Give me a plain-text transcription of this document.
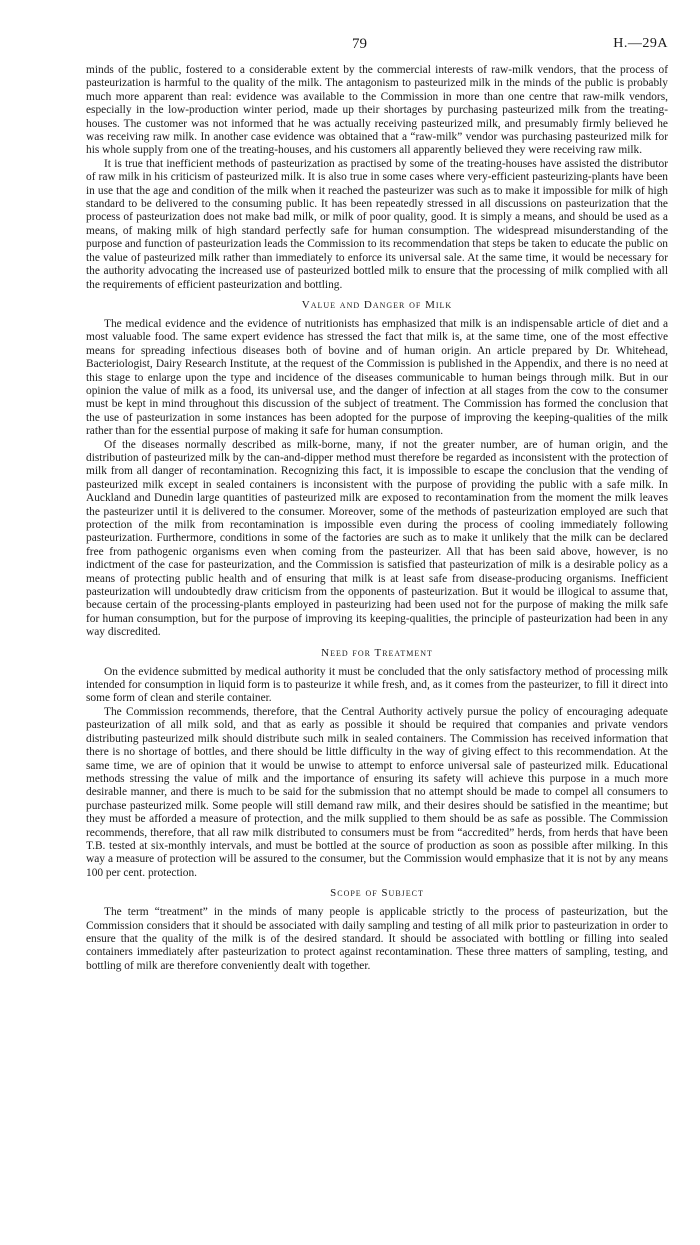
79	H.—29A

minds of the public, fostered to a considerable extent by the commercial interests of raw-milk vendors, that the process of pasteurization is harmful to the quality of the milk. The antagonism to pasteurized milk in the minds of the public is probably much more apparent than real: evidence was available to the Commission in more than one centre that raw-milk vendors, especially in the low-production winter period, made up their shortages by purchasing pasteurized milk from the treating-houses. The customer was not informed that he was actually receiving pasteurized milk, and presumably firmly believed he was receiving raw milk. In another case evidence was obtained that a “raw-milk” vendor was purchasing pasteurized milk for his whole supply from one of the treating-houses, and his customers all apparently believed they were receiving raw milk.

It is true that inefficient methods of pasteurization as practised by some of the treating-houses have assisted the distributor of raw milk in his criticism of pasteurized milk. It is also true in some cases where very-efficient pasteurizing-plants have been in use that the age and condition of the milk when it reached the pasteurizer was such as to make it impossible for milk of high standard to be delivered to the consuming public. It has been repeatedly stressed in all discussions on pasteurization that the process of pasteurization does not make bad milk, or milk of poor quality, good. It is simply a means, and should be used as a means, of making milk of high standard perfectly safe for human consumption. The widespread misunderstanding of the purpose and function of pasteurization leads the Commission to its recommendation that steps be taken to educate the public on the value of pasteurized milk rather than immediately to enforce its universal sale. At the same time, it would be necessary for the authority advocating the increased use of pasteurized bottled milk to ensure that the processing of milk complied with all the requirements of efficient pasteurization and bottling.

Value and Danger of Milk

The medical evidence and the evidence of nutritionists has emphasized that milk is an indispensable article of diet and a most valuable food. The same expert evidence has stressed the fact that milk is, at the same time, one of the most effective means for spreading infectious diseases both of bovine and of human origin. An article prepared by Dr. Whitehead, Bacteriologist, Dairy Research Institute, at the request of the Commission is published in the Appendix, and there is no need at this stage to enlarge upon the type and incidence of the diseases communicable to human beings through milk. But in our opinion the value of milk as a food, its universal use, and the danger of infection at all stages from the cow to the consumer must be kept in mind throughout this discussion of the subject of treatment. The Commission has formed the conclusion that the use of pasteurization in some instances has been adopted for the purpose of improving the keeping-qualities of the milk rather than for the essential purpose of making it safe for human consumption.

Of the diseases normally described as milk-borne, many, if not the greater number, are of human origin, and the distribution of pasteurized milk by the can-and-dipper method must therefore be regarded as inconsistent with the protection of milk from all danger of recontamination. Recognizing this fact, it is impossible to escape the conclusion that the vending of pasteurized milk except in sealed containers is inconsistent with the purpose of providing the public with a safe milk. In Auckland and Dunedin large quantities of pasteurized milk are exposed to recontamination from the moment the milk leaves the pasteurizer until it is delivered to the consumer. Moreover, some of the methods of pasteurization employed are such that protection of the milk from recontamination is impossible even during the process of cooling immediately following pasteurization. Furthermore, conditions in some of the factories are such as to make it unlikely that the milk can be declared free from pathogenic organisms even when coming from the pasteurizer. All that has been said above, however, is no indictment of the case for pasteurization, and the Commission is satisfied that pasteurization of milk is a desirable policy as a means of protecting public health and of ensuring that milk is at least safe from disease-producing organisms. Inefficient pasteurization will undoubtedly draw criticism from the opponents of pasteurization. But it would be illogical to assume that, because certain of the processing-plants employed in pasteurizing had been used not for the purpose of making the milk safe for human consumption, but for the purpose of improving its keeping-qualities, the principle of pasteurization had been in any way discredited.

Need for Treatment

On the evidence submitted by medical authority it must be concluded that the only satisfactory method of processing milk intended for consumption in liquid form is to pasteurize it while fresh, and, as it comes from the pasteurizer, to fill it direct into some form of clean and sterile container.

The Commission recommends, therefore, that the Central Authority actively pursue the policy of encouraging adequate pasteurization of all milk sold, and that as early as possible it should be required that companies and private vendors distributing pasteurized milk should distribute such milk in sealed containers. The Commission has received information that there is no shortage of bottles, and there should be little difficulty in the way of giving effect to this recommendation. At the same time, we are of opinion that it would be unwise to attempt to enforce universal sale of pasteurized milk. Educational methods stressing the value of milk and the importance of ensuring its safety will achieve this purpose in a much more desirable manner, and there is much to be said for the submission that no attempt should be made to compel all consumers to purchase pasteurized milk. Some people will still demand raw milk, and their desires should be satisfied in the meantime; but they must be afforded a measure of protection, and the milk supplied to them should be as safe as possible. The Commission recommends, therefore, that all raw milk distributed to consumers must be from “accredited” herds, from herds that have been T.B. tested at six-monthly intervals, and must be bottled at the source of production as soon as possible after milking. In this way a measure of protection will be assured to the consumer, but the Commission would emphasize that it is not by any means 100 per cent. protection.

Scope of Subject

The term “treatment” in the minds of many people is applicable strictly to the process of pasteurization, but the Commission considers that it should be associated with daily sampling and testing of all milk prior to pasteurization in order to ensure that the quality of the milk is of the desired standard. It should be associated with bottling or filling into sealed containers immediately after pasteurization to protect against recontamination. These three matters of sampling, testing, and bottling of milk are therefore conveniently dealt with together.
